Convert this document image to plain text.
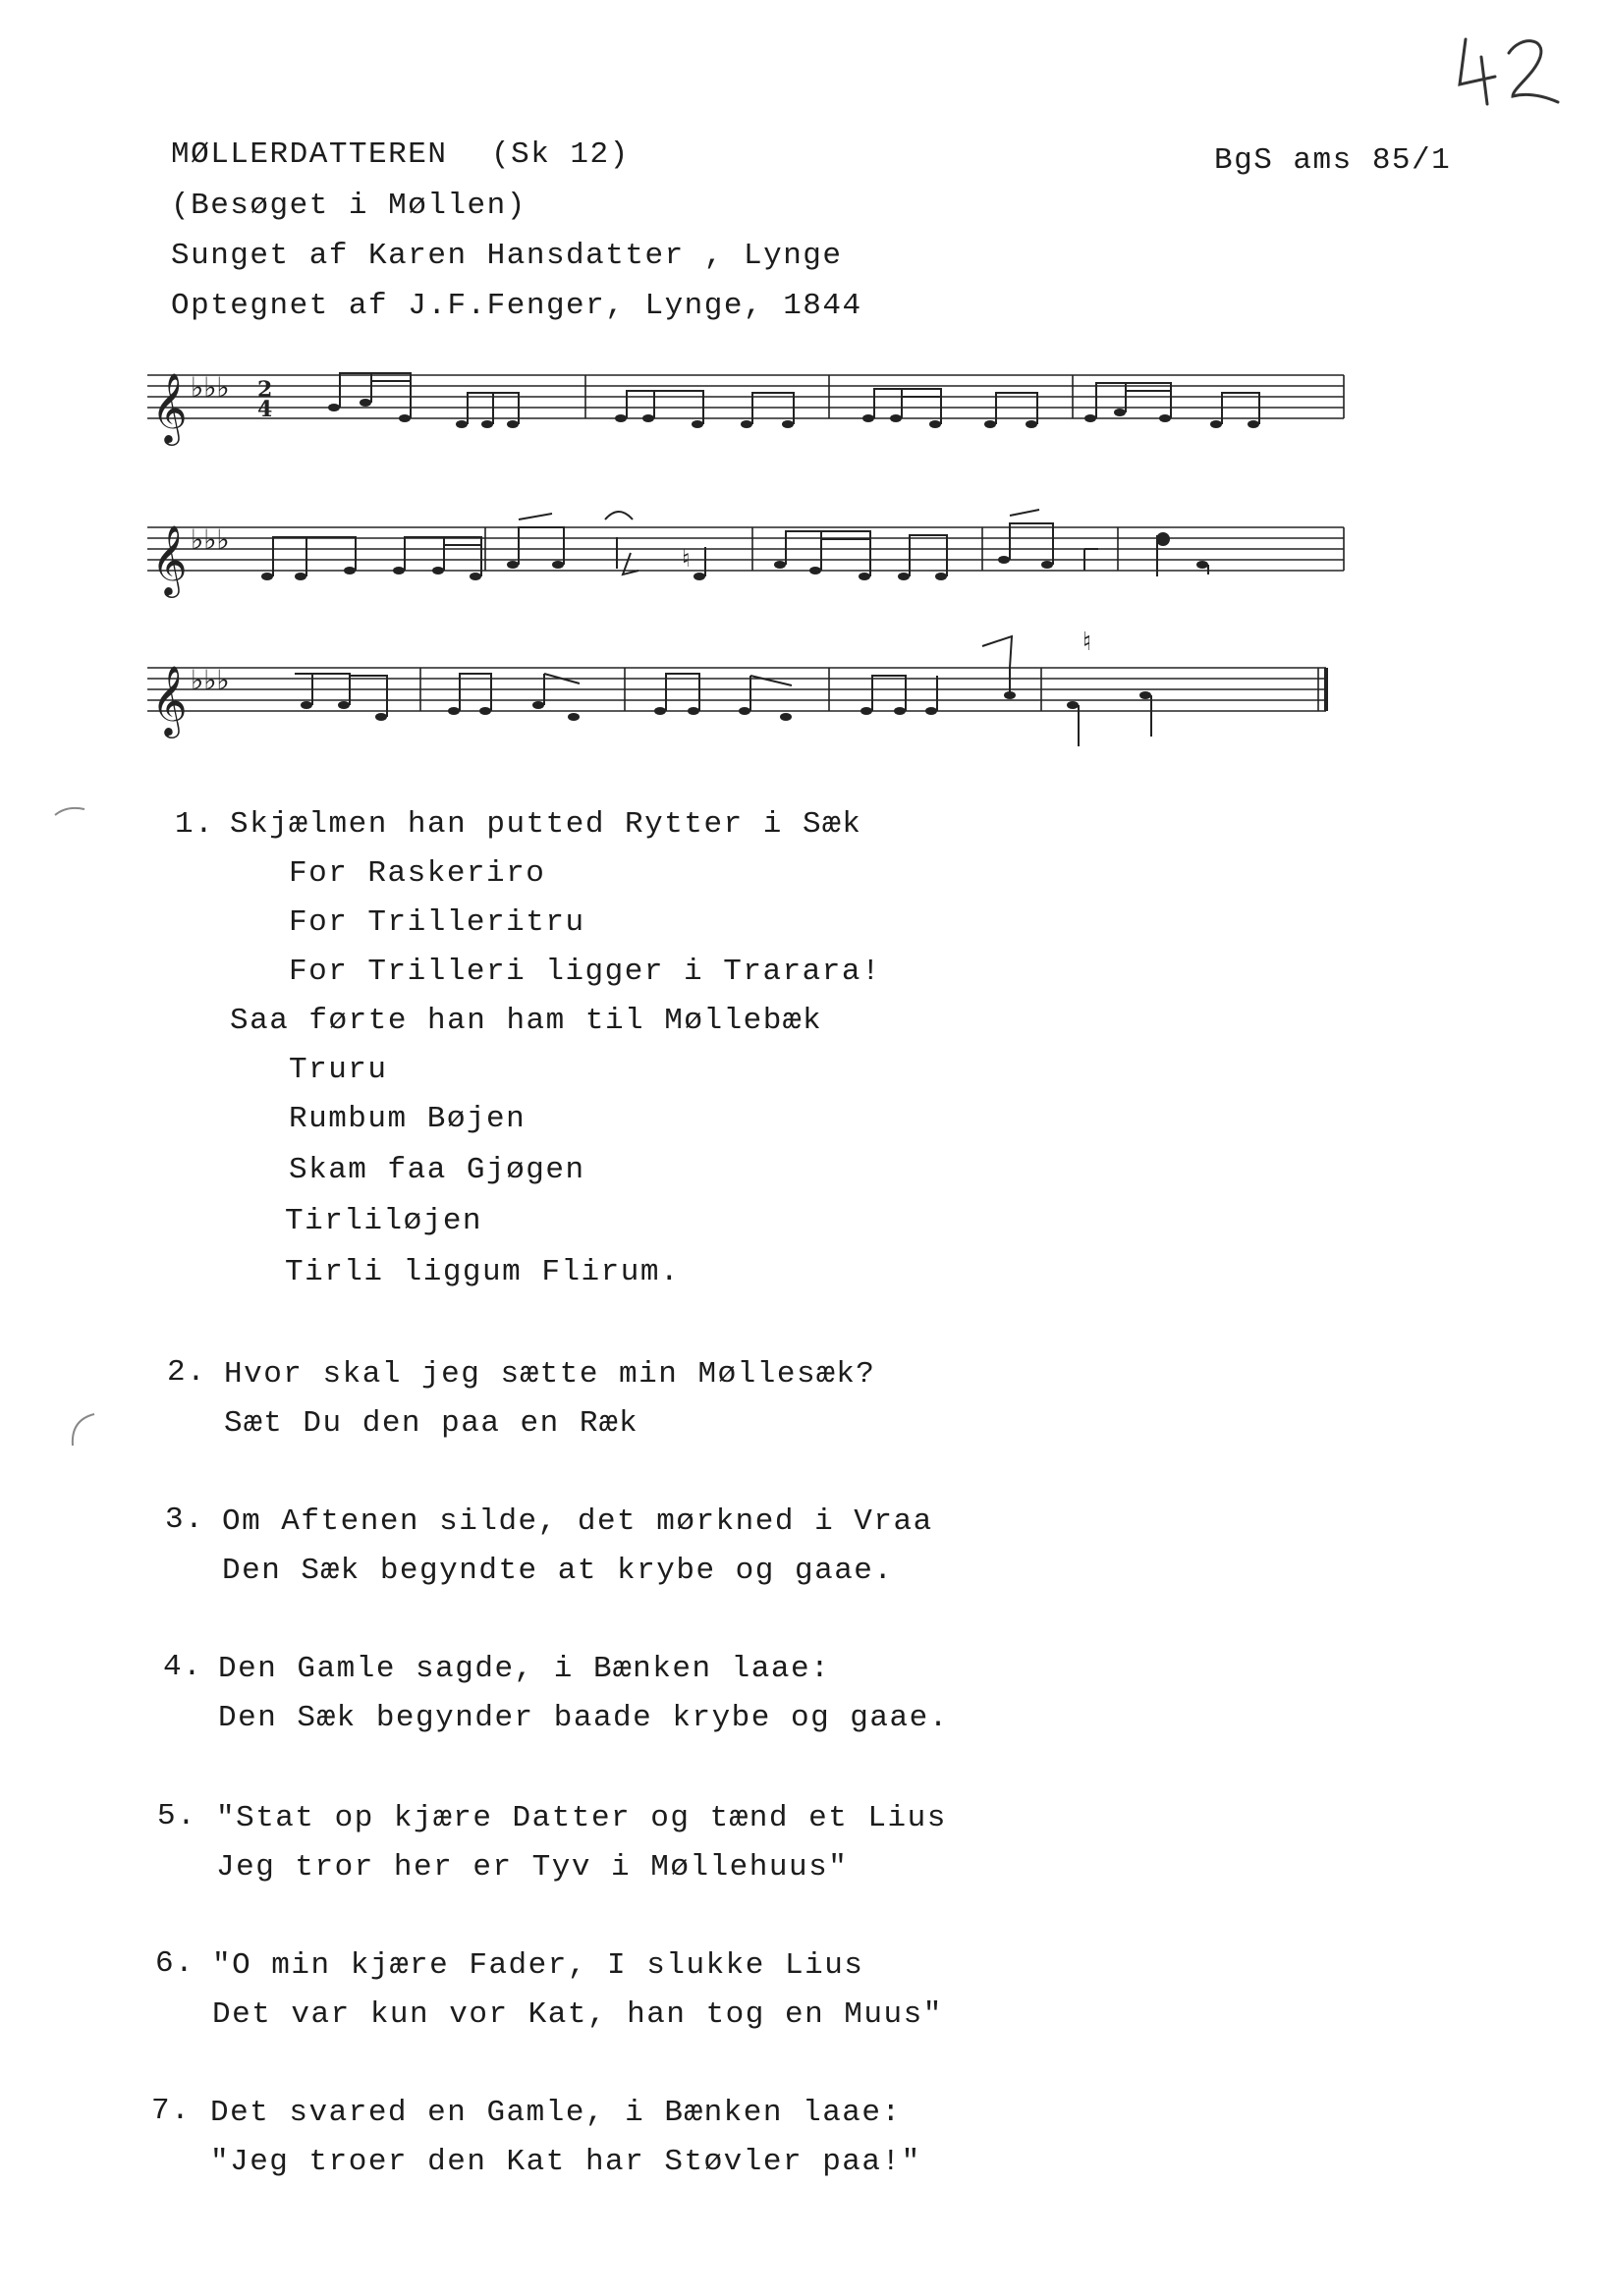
MØLLERDATTEREN (Sk 12)	BgS ams 85/1
(Besøget i Møllen)
Sunget af Karen Hansdatter , Lynge
Optegnet af J.F.Fenger, Lynge, 1844
𝄞 ♭♭♭ 2
4
𝄞 ♭♭♭
♮
𝄞 ♭♭♭
♮
1. Skjælmen han putted Rytter i Sæk
For Raskeriro
For Trilleritru
For Trilleri ligger i Trarara!
Saa førte han ham til Møllebæk
Truru
Rumbum Bøjen
Skam faa Gjøgen
Tirliløjen
Tirli liggum Flirum.
2. Hvor skal jeg sætte min Møllesæk?
Sæt Du den paa en Ræk
3. Om Aftenen silde, det mørkned i Vraa
Den Sæk begyndte at krybe og gaae.
4. Den Gamle sagde, i Bænken laae:
Den Sæk begynder baade krybe og gaae.
5. "Stat op kjære Datter og tænd et Lius
Jeg tror her er Tyv i Møllehuus"
6. "O min kjære Fader, I slukke Lius
Det var kun vor Kat, han tog en Muus"
7. Det svared en Gamle, i Bænken laae:
"Jeg troer den Kat har Støvler paa!"
